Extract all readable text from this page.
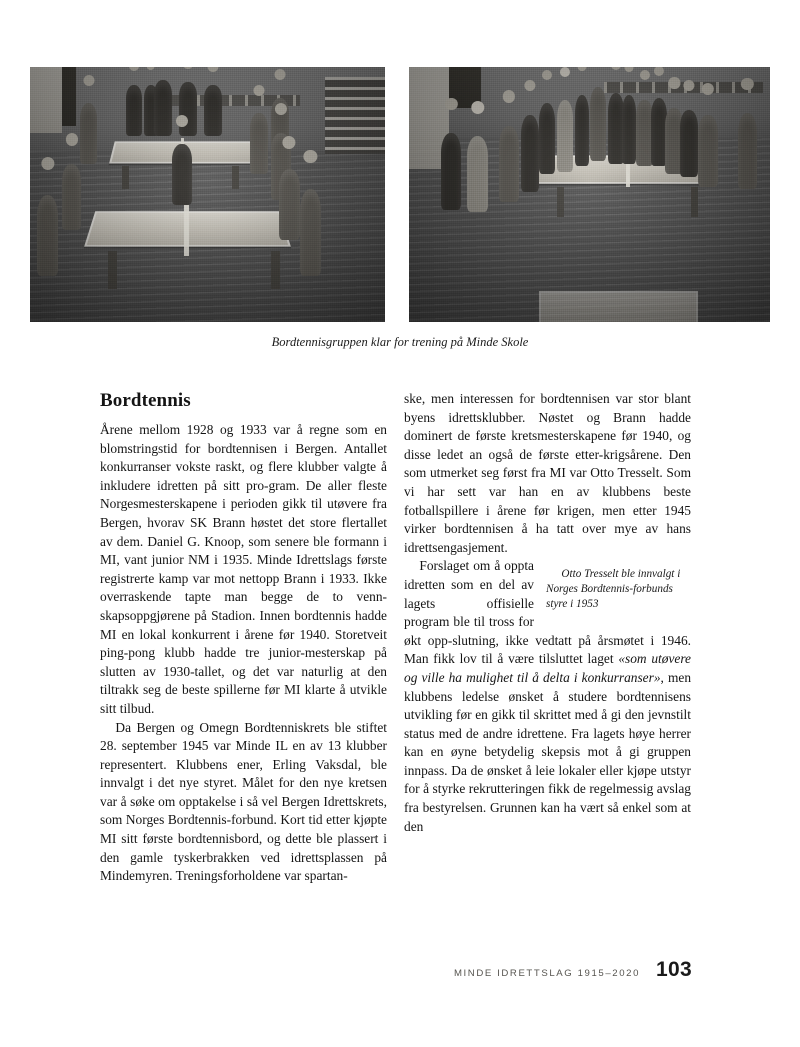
Bordtennisgruppen klar for trening på Minde Skole
Bordtennis

Årene mellom 1928 og 1933 var å regne som en blomstringstid for bordtennisen i Bergen. Antallet konkurranser vokste raskt, og flere klubber valgte å inkludere idretten på sitt pro-gram. De aller fleste Norgesmesterskapene i perioden gikk til utøvere fra Bergen, hvorav SK Brann høstet det store flertallet av dem. Daniel G. Knoop, som senere ble formann i MI, vant junior NM i 1935. Minde Idrettslags første registrerte kamp var mot nettopp Brann i 1933. Ikke overraskende tapte man begge de to venn-skapsoppgjørene på Stadion. Innen bordtennis hadde MI en lokal konkurrent i årene før 1940. Storetveit ping-pong klubb hadde tre junior-mesterskap på slutten av 1930-tallet, og det var naturlig at den tiltrakk seg de beste spillerne før MI klarte å utvikle sitt tilbud.

Da Bergen og Omegn Bordtenniskrets ble stiftet 28. september 1945 var Minde IL en av 13 klubber representert. Klubbens ener, Erling Vaksdal, ble innvalgt i det nye styret. Målet for den nye kretsen var å søke om opptakelse i så vel Bergen Idrettskrets, som Norges Bordtennis-forbund. Kort tid etter kjøpte MI sitt første bordtennisbord, og dette ble plassert i den gamle tyskerbrakken ved idrettsplassen på Mindemyren. Treningsforholdene var spartan-

ske, men interessen for bordtennisen var stor blant byens idrettsklubber. Nøstet og Brann hadde dominert de første kretsmesterskapene før 1940, og disse ledet an også de første etter-krigsårene. Den som utmerket seg først fra MI var Otto Tresselt. Som vi har sett var han en av klubbens beste fotballspillere i årene før krigen, men etter 1945 virker bordtennisen å ha tatt over mye av hans idrettsengasjement.

Otto Tresselt ble innvalgt i Norges Bordtennis-forbunds styre i 1953
Forslaget om å oppta idretten som en del av lagets offisielle program ble til tross for økt opp-slutning, ikke vedtatt på årsmøtet i 1946. Man fikk lov til å være tilsluttet laget «som utøvere og ville ha mulighet til å delta i konkurranser», men klubbens ledelse ønsket å studere bordtennisens utvikling før en gikk til skrittet med å gi den jevnstilt status med de andre idrettene. Fra lagets høye herrer kan en øyne betydelig skepsis mot å gi gruppen innpass. Da de ønsket å leie lokaler eller kjøpe utstyr for å styrke rekrutteringen fikk de regelmessig avslag fra bestyrelsen. Grunnen kan ha vært så enkel som at den

MINDE IDRETTSLAG 1915–2020 103
